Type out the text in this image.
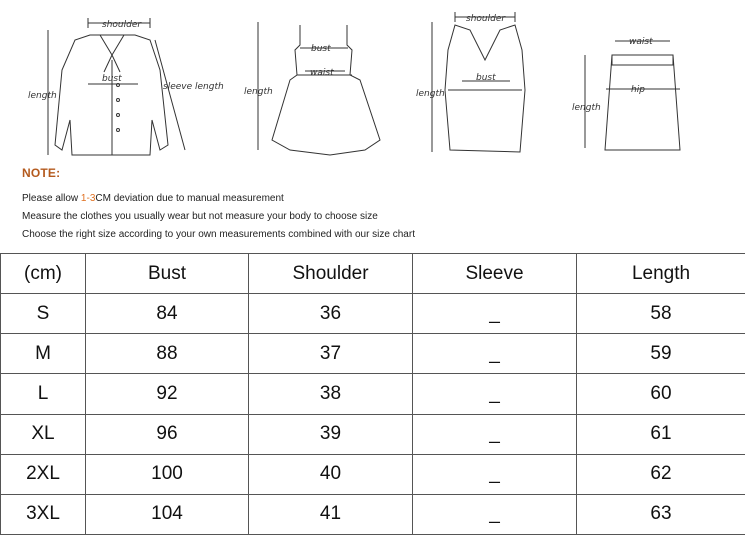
shoulder
bust
sleeve length
length
bust
waist
length
shoulder
bust
length
waist
hip
length
NOTE:
Please allow 1-3CM deviation due to manual measurement
Measure the clothes you usually wear but not measure your body to choose size
Choose the right size according to your own measurements combined with our size chart
(cm)	Bust	Shoulder	Sleeve	Length
S	84	36	_	58
M	88	37	_	59
L	92	38	_	60
XL	96	39	_	61
2XL	100	40	_	62
3XL	104	41	_	63
